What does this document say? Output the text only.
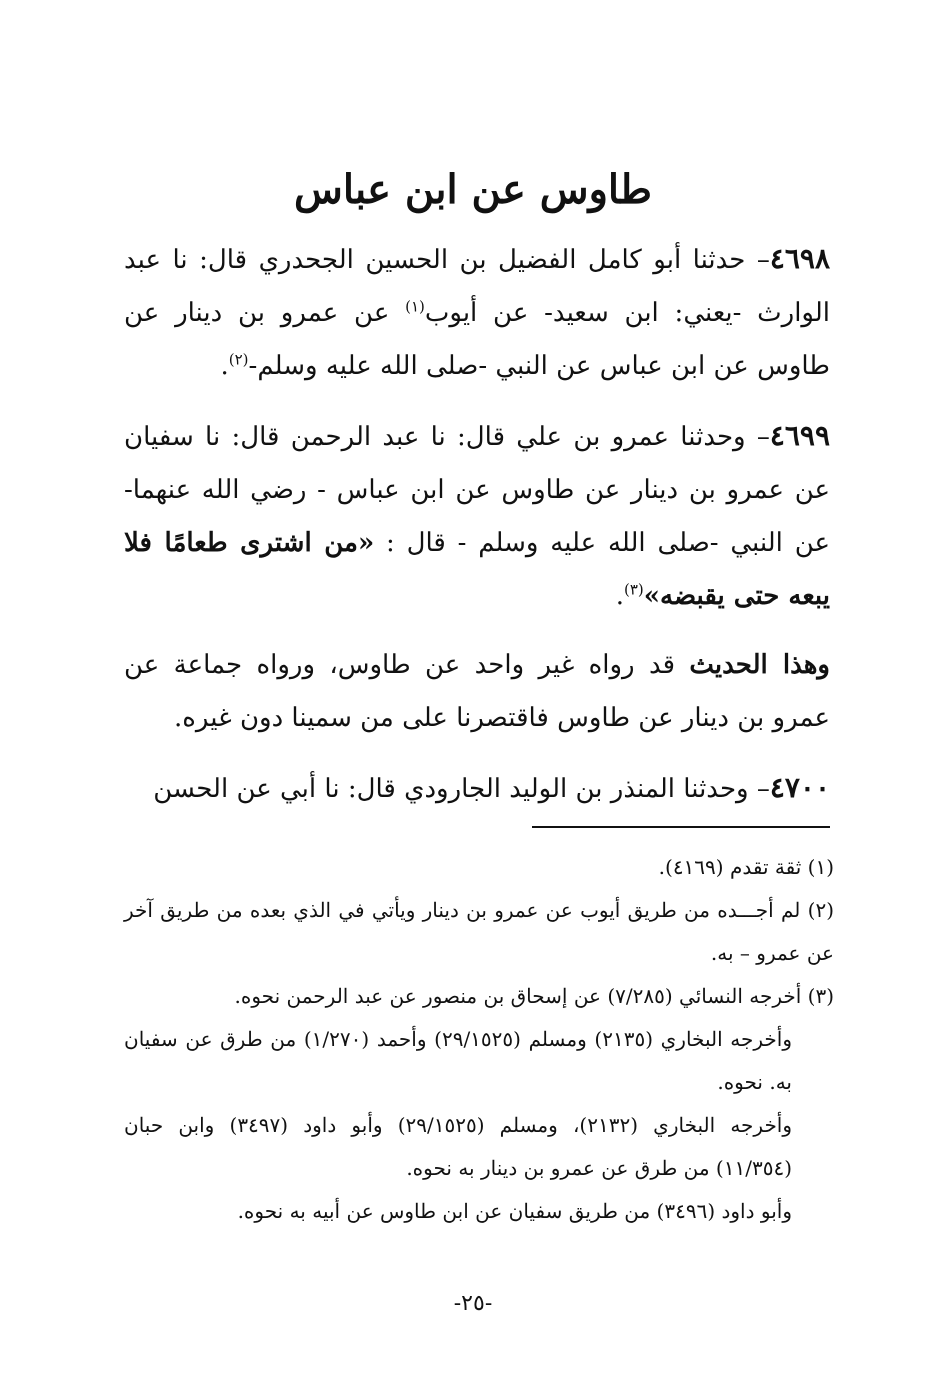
طاوس عن ابن عباس

٤٦٩٨– حدثنا أبو كامل الفضيل بن الحسين الجحدري قال: نا عبد الوارث -يعني: ابن سعيد- عن أيوب$^{(١)}$ عن عمرو بن دينار عن طاوس عن ابن عباس عن النبي -صلى الله عليه وسلم-$^{(٢)}$.

٤٦٩٩– وحدثنا عمرو بن علي قال: نا عبد الرحمن قال: نا سفيان عن عمرو بن دينار عن طاوس عن ابن عباس - رضي الله عنهما- عن النبي -صلى الله عليه وسلم - قال : «من اشترى طعامًا فلا يبعه حتى يقبضه»$^{(٣)}$.

وهذا الحديث قد رواه غير واحد عن طاوس، ورواه جماعة عن عمرو بن دينار عن طاوس فاقتصرنا على من سمينا دون غيره.

٤٧٠٠– وحدثنا المنذر بن الوليد الجارودي قال: نا أبي عن الحسن

(١) ثقة تقدم (٤١٦٩).

(٢) لم أجـــده من طريق أيوب عن عمرو بن دينار ويأتي في الذي بعده من طريق آخر عن عمرو – به.

(٣) أخرجه النسائي (٧/٢٨٥) عن إسحاق بن منصور عن عبد الرحمن نحوه.

وأخرجه البخاري (٢١٣٥) ومسلم (٢٩/١٥٢٥) وأحمد (١/٢٧٠) من طرق عن سفيان به. نحوه.

وأخرجه البخاري (٢١٣٢)، ومسلم (٢٩/١٥٢٥) وأبو داود (٣٤٩٧) وابن حبان (١١/٣٥٤) من طرق عن عمرو بن دينار به نحوه.

وأبو داود (٣٤٩٦) من طريق سفيان عن ابن طاوس عن أبيه به نحوه.

-٢٥-
